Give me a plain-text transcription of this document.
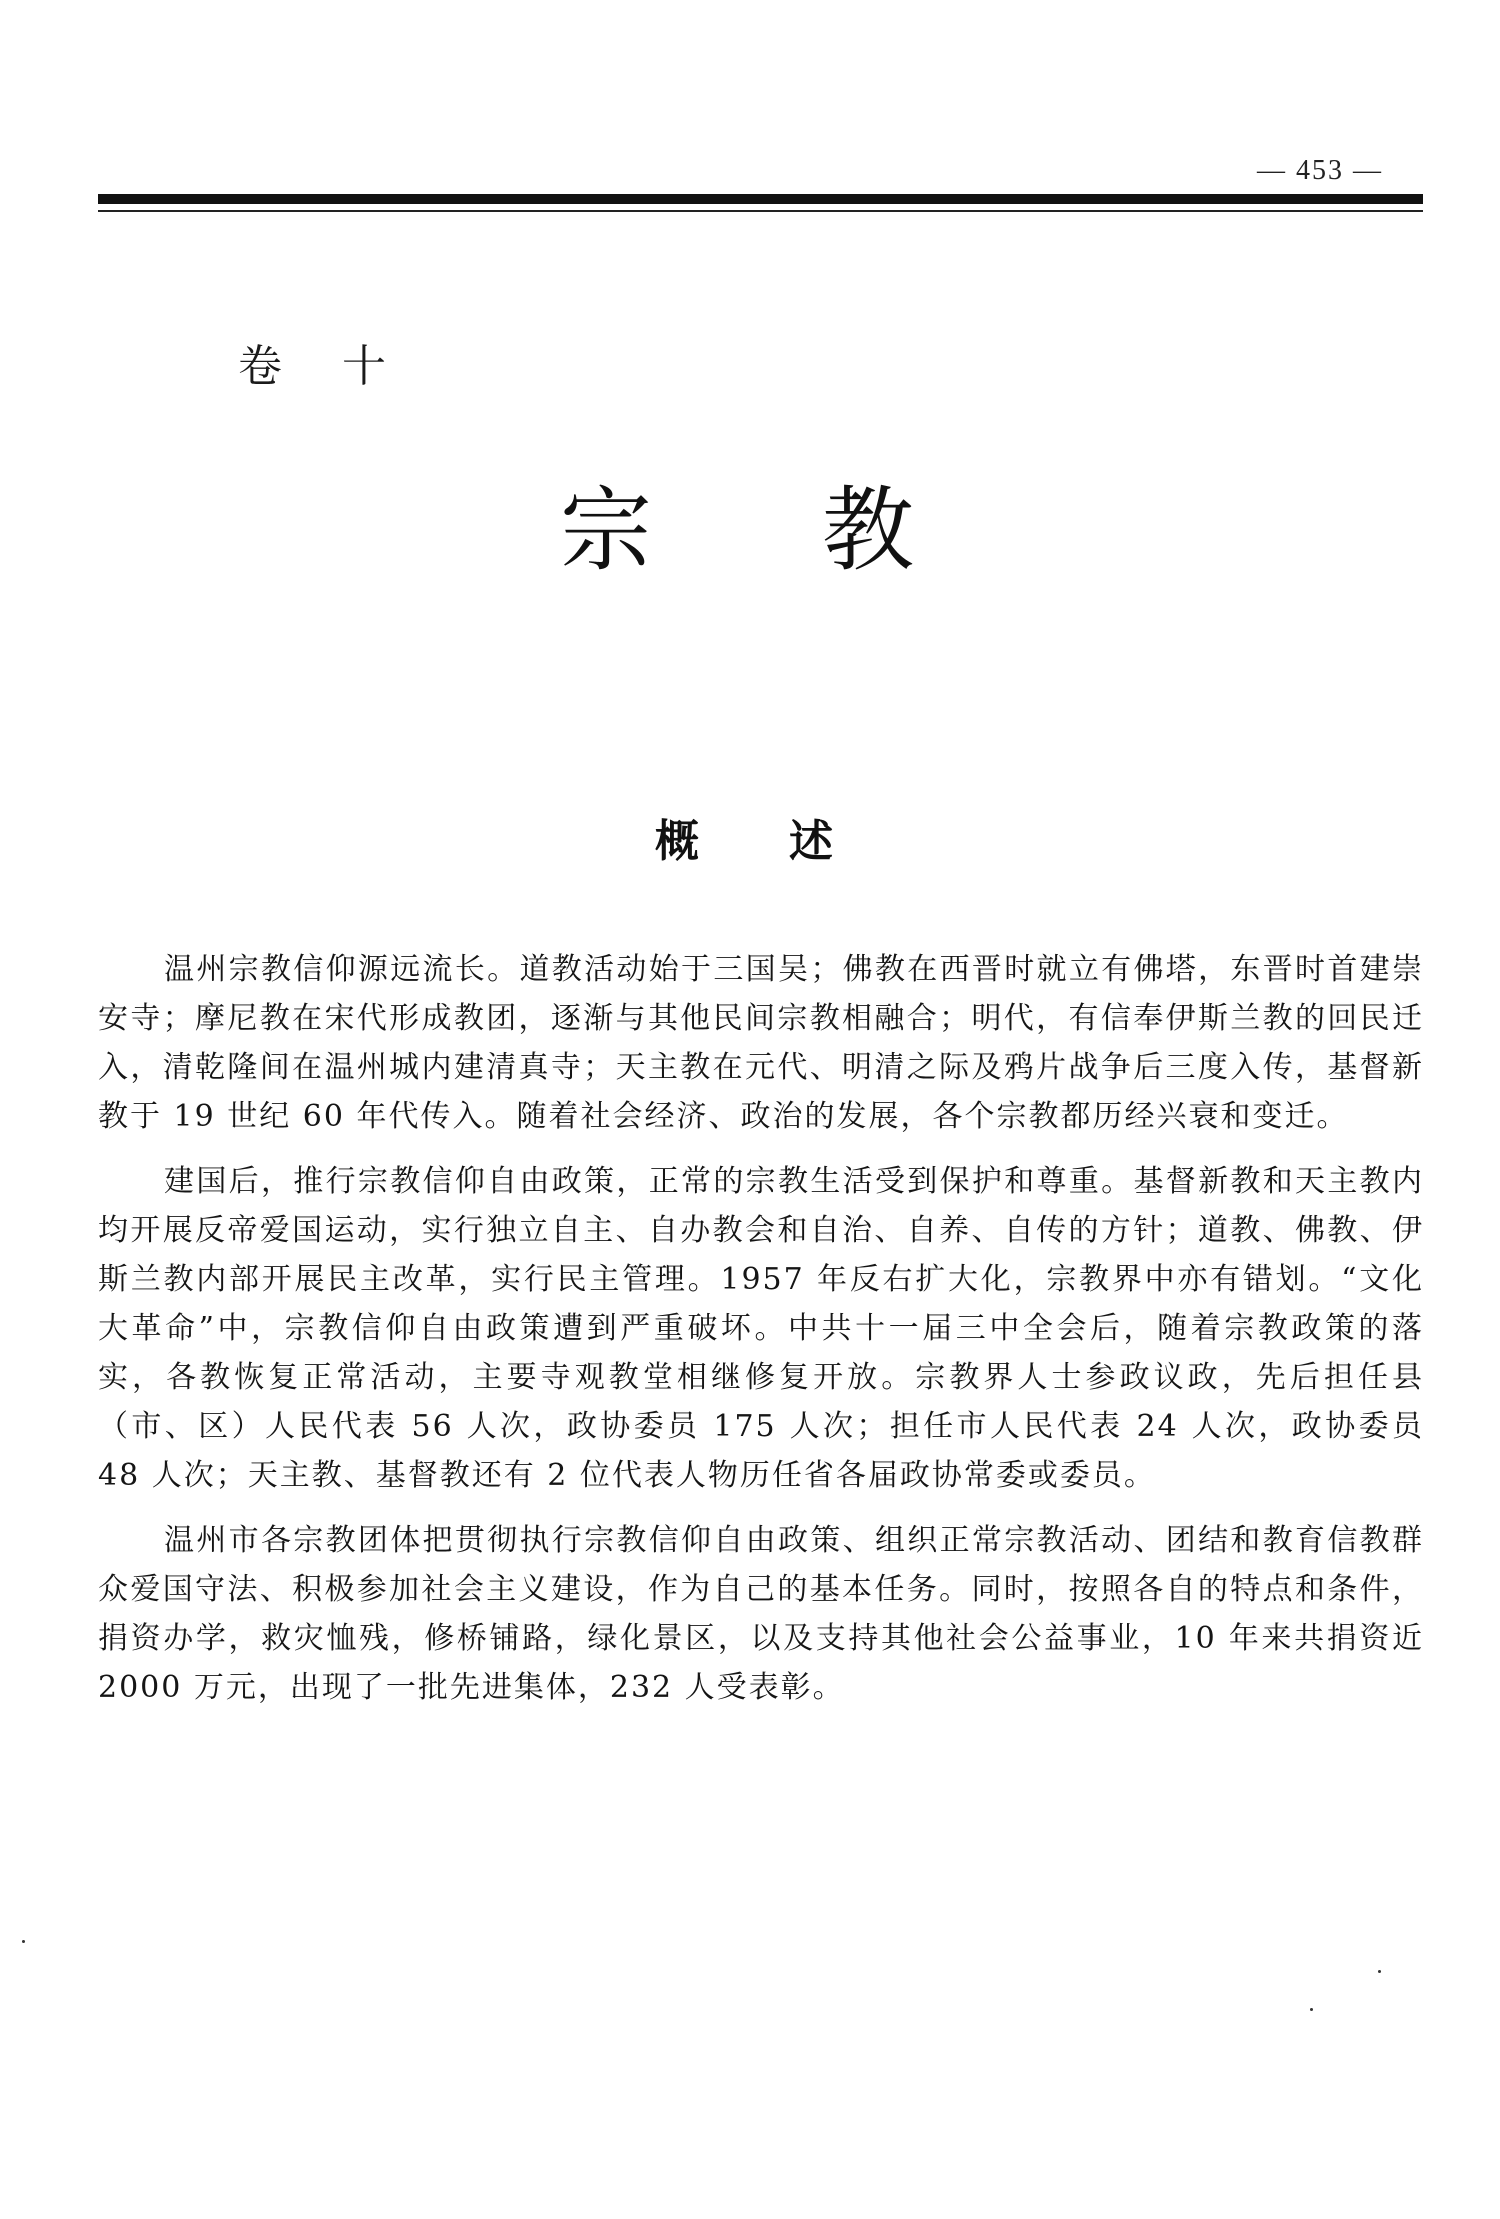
— 453 —
卷十
宗教
概述

温州宗教信仰源远流长。道教活动始于三国吴；佛教在西晋时就立有佛塔，东晋时首建崇安寺；摩尼教在宋代形成教团，逐渐与其他民间宗教相融合；明代，有信奉伊斯兰教的回民迁入，清乾隆间在温州城内建清真寺；天主教在元代、明清之际及鸦片战争后三度入传，基督新教于 19 世纪 60 年代传入。随着社会经济、政治的发展，各个宗教都历经兴衰和变迁。

建国后，推行宗教信仰自由政策，正常的宗教生活受到保护和尊重。基督新教和天主教内均开展反帝爱国运动，实行独立自主、自办教会和自治、自养、自传的方针；道教、佛教、伊斯兰教内部开展民主改革，实行民主管理。1957 年反右扩大化，宗教界中亦有错划。“文化大革命”中，宗教信仰自由政策遭到严重破坏。中共十一届三中全会后，随着宗教政策的落实，各教恢复正常活动，主要寺观教堂相继修复开放。宗教界人士参政议政，先后担任县（市、区）人民代表 56 人次，政协委员 175 人次；担任市人民代表 24 人次，政协委员 48 人次；天主教、基督教还有 2 位代表人物历任省各届政协常委或委员。

温州市各宗教团体把贯彻执行宗教信仰自由政策、组织正常宗教活动、团结和教育信教群众爱国守法、积极参加社会主义建设，作为自己的基本任务。同时，按照各自的特点和条件，捐资办学，救灾恤残，修桥铺路，绿化景区，以及支持其他社会公益事业，10 年来共捐资近 2000 万元，出现了一批先进集体，232 人受表彰。
